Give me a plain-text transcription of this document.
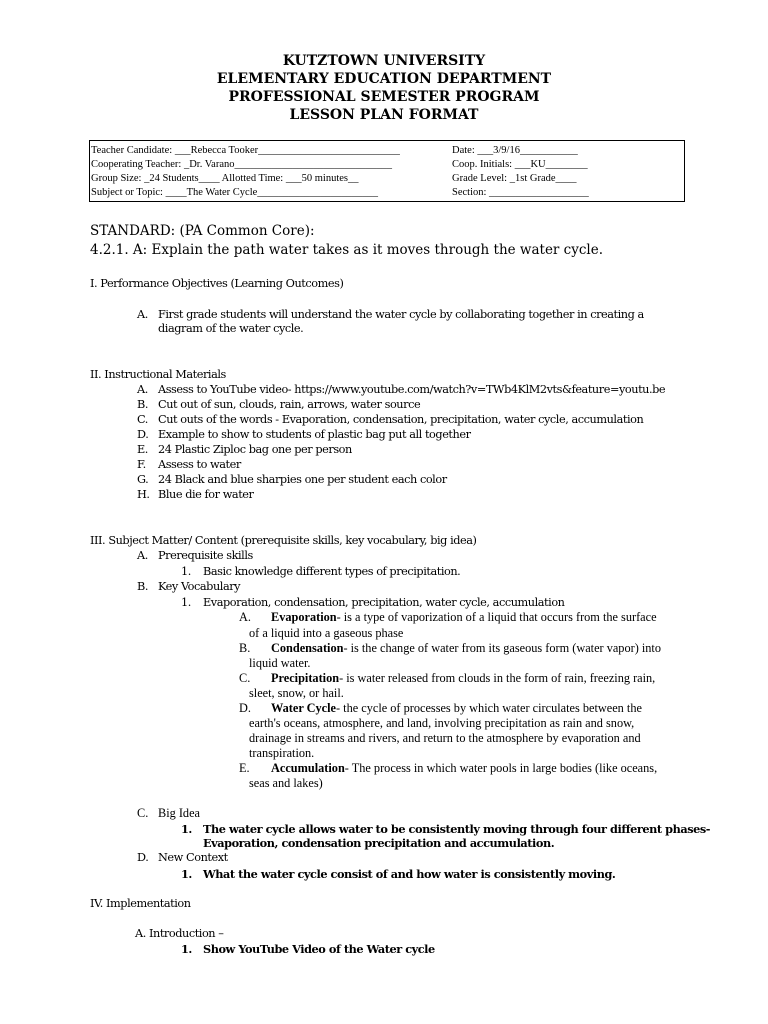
KUTZTOWN UNIVERSITY
ELEMENTARY EDUCATION DEPARTMENT
PROFESSIONAL SEMESTER PROGRAM
LESSON PLAN FORMAT
Teacher Candidate: ___Rebecca Tooker___________________________
Cooperating Teacher: _Dr. Varano______________________________
Group Size: _24 Students____ Allotted Time: ___50 minutes__
Subject or Topic: ____The Water Cycle_______________________
Date: ___3/9/16___________
Coop. Initials: ___KU________
Grade Level: _1st Grade____
Section: ___________________
STANDARD: (PA Common Core):
4.2.1. A: Explain the path water takes as it moves through the water cycle.
I. Performance Objectives (Learning Outcomes)
A. First grade students will understand the water cycle by collaborating together in creating a
diagram of the water cycle.
II. Instructional Materials
A. Assess to YouTube video- https://www.youtube.com/watch?v=TWb4KlM2vts&feature=youtu.be
B. Cut out of sun, clouds, rain, arrows, water source
C. Cut outs of the words - Evaporation, condensation, precipitation, water cycle, accumulation
D. Example to show to students of plastic bag put all together
E. 24 Plastic Ziploc bag one per person
F. Assess to water
G. 24 Black and blue sharpies one per student each color
H. Blue die for water
III. Subject Matter/ Content (prerequisite skills, key vocabulary, big idea)
A. Prerequisite skills
1. Basic knowledge different types of precipitation.
B. Key Vocabulary
1. Evaporation, condensation, precipitation, water cycle, accumulation
A. Evaporation- is a type of vaporization of a liquid that occurs from the surface
of a liquid into a gaseous phase
B. Condensation- is the change of water from its gaseous form (water vapor) into
liquid water.
C. Precipitation- is water released from clouds in the form of rain, freezing rain,
sleet, snow, or hail.
D. Water Cycle- the cycle of processes by which water circulates between the
earth's oceans, atmosphere, and land, involving precipitation as rain and snow,
drainage in streams and rivers, and return to the atmosphere by evaporation and
transpiration.
E. Accumulation- The process in which water pools in large bodies (like oceans,
seas and lakes)
C. Big Idea
1. The water cycle allows water to be consistently moving through four different phases-
Evaporation, condensation precipitation and accumulation.
D. New Context
1. What the water cycle consist of and how water is consistently moving.
IV. Implementation
A. Introduction –
1. Show YouTube Video of the Water cycle
